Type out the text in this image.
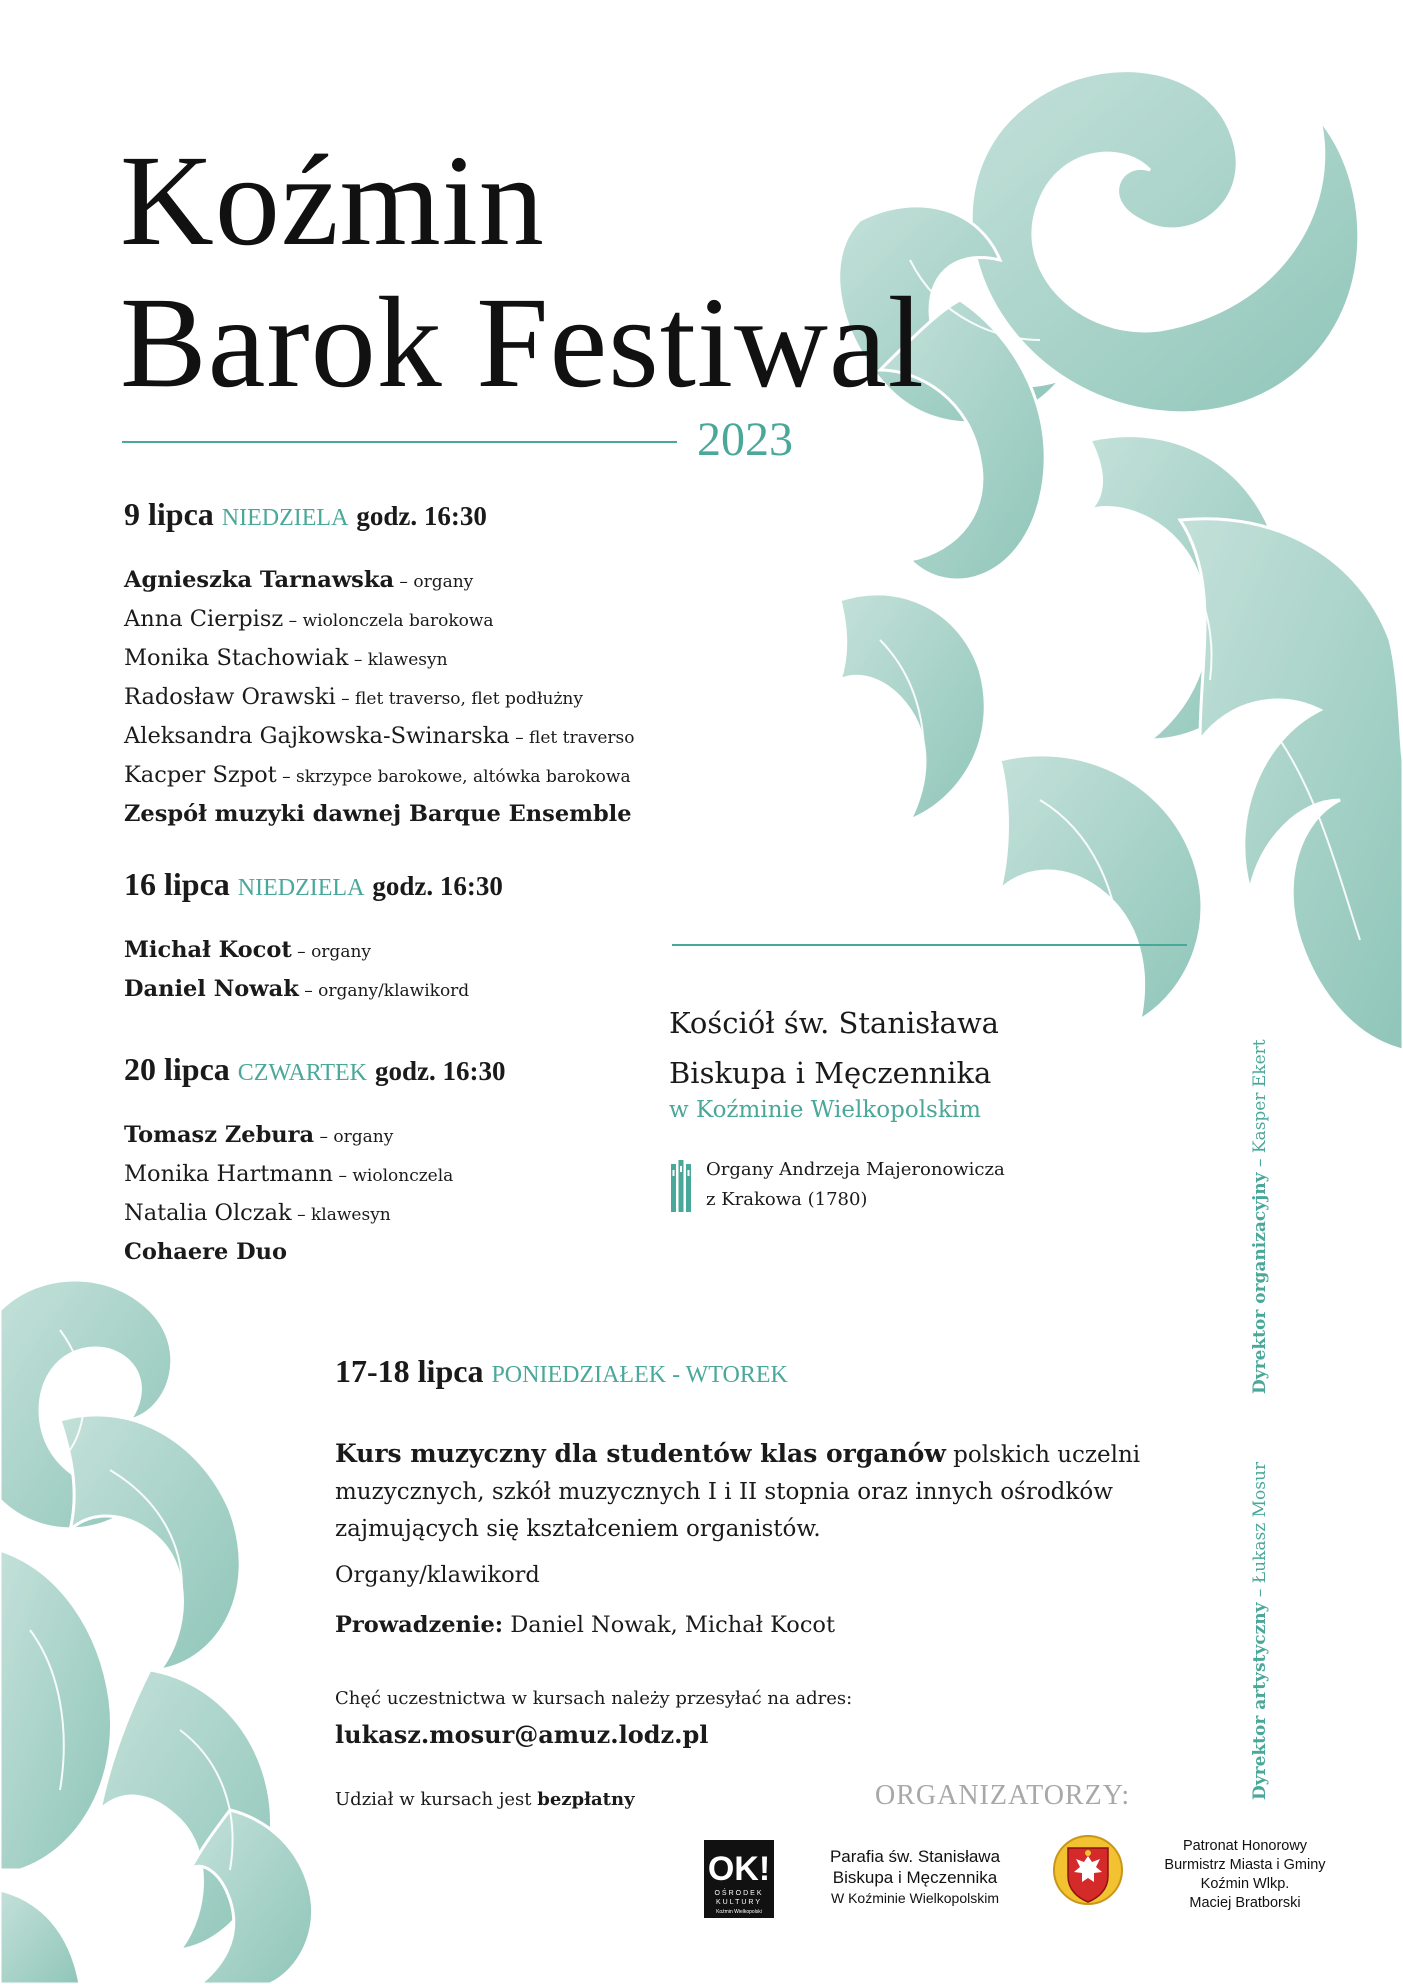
Koźmin
Barok Festiwal
2023
9 lipca NIEDZIELA godz. 16:30
Agnieszka Tarnawska – organy
Anna Cierpisz – wiolonczela barokowa
Monika Stachowiak – klawesyn
Radosław Orawski – flet traverso, flet podłużny
Aleksandra Gajkowska-Swinarska – flet traverso
Kacper Szpot – skrzypce barokowe, altówka barokowa
Zespół muzyki dawnej Barque Ensemble
16 lipca NIEDZIELA godz. 16:30
Michał Kocot – organy
Daniel Nowak – organy/klawikord
20 lipca CZWARTEK godz. 16:30
Tomasz Zebura – organy
Monika Hartmann – wiolonczela
Natalia Olczak – klawesyn
Cohaere Duo
Kościół św. Stanisława
Biskupa i Męczennika
w Koźminie Wielkopolskim
Organy Andrzeja Majeronowicza
z Krakowa (1780)
17-18 lipca PONIEDZIAŁEK - WTOREK

Kurs muzyczny dla studentów klas organów polskich uczelni muzycznych, szkół muzycznych I i II stopnia oraz innych ośrodków zajmujących się kształceniem organistów.

Organy/klawikord
Prowadzenie: Daniel Nowak, Michał Kocot
Chęć uczestnictwa w kursach należy przesyłać na adres:
lukasz.mosur@amuz.lodz.pl
Udział w kursach jest bezpłatny
Dyrektor organizacyjny – Kasper Ekert
Dyrektor artystyczny – Łukasz Mosur
ORGANIZATORZY:
OK!
OŚRODEK
KULTURY
Koźmin Wielkopolski
Parafia św. Stanisława
Biskupa i Męczennika
W Koźminie Wielkopolskim
Patronat Honorowy
Burmistrz Miasta i Gminy
Koźmin Wlkp.
Maciej Bratborski
